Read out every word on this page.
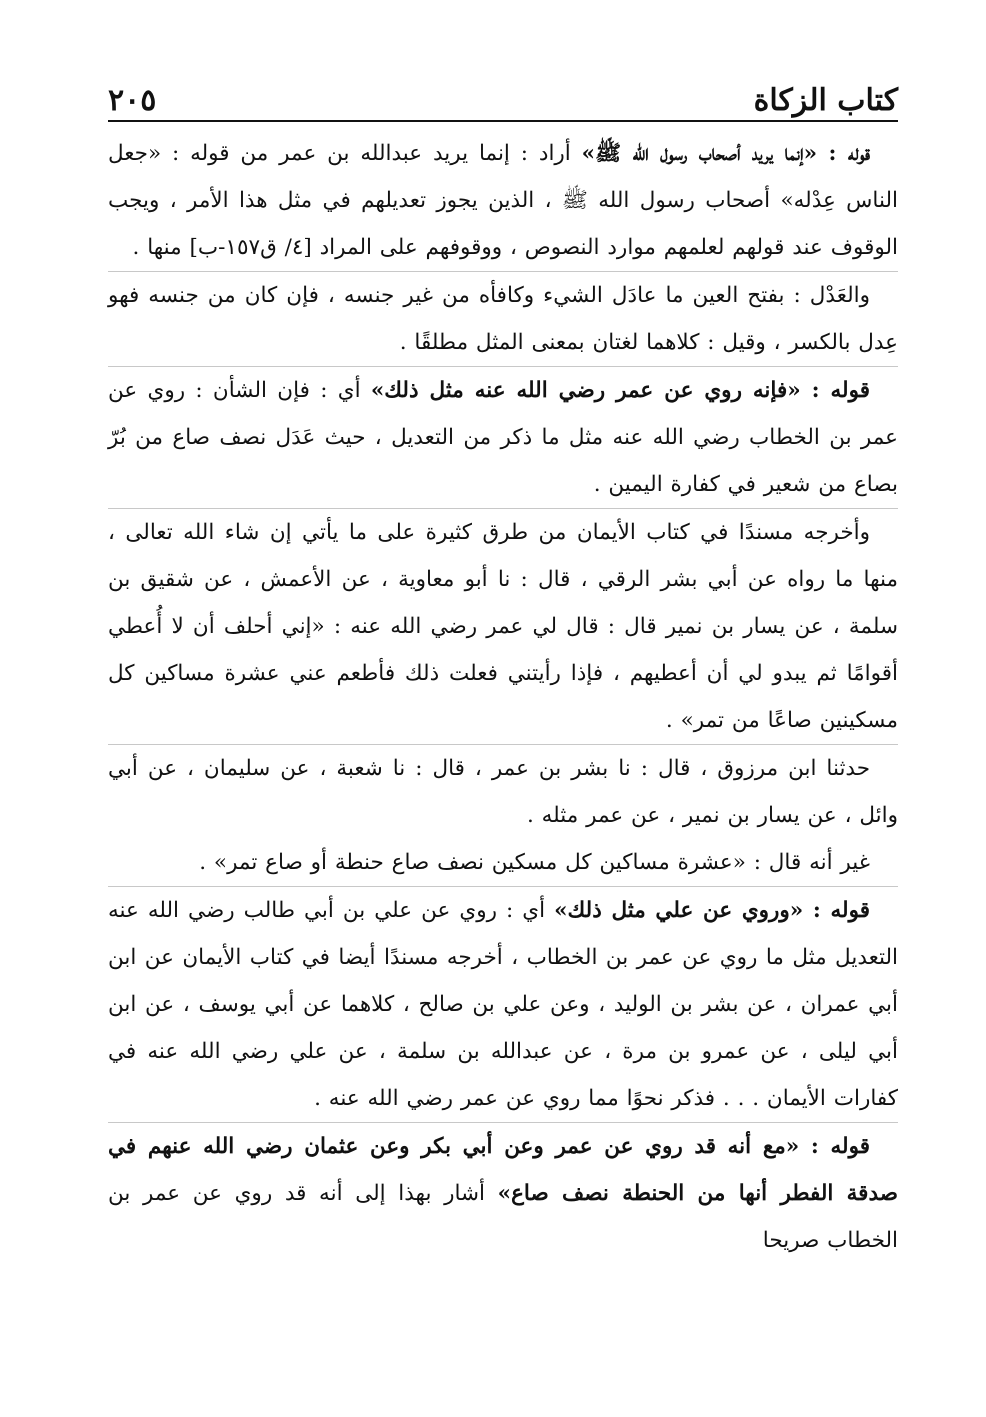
كتاب الزكاة
٢٠٥

قوله : «إنما يريد أصحاب رسول الله ﷺ» أراد : إنما يريد عبدالله بن عمر من قوله : «جعل الناس عِدْله» أصحاب رسول الله ﷺ ، الذين يجوز تعديلهم في مثل هذا الأمر ، ويجب الوقوف عند قولهم لعلمهم موارد النصوص ، ووقوفهم على المراد [٤/ ق١٥٧-ب] منها .

والعَدْل : بفتح العين ما عادَل الشيء وكافأه من غير جنسه ، فإن كان من جنسه فهو عِدل بالكسر ، وقيل : كلاهما لغتان بمعنى المثل مطلقًا .

قوله : «فإنه روي عن عمر رضي الله عنه مثل ذلك» أي : فإن الشأن : روي عن عمر بن الخطاب رضي الله عنه مثل ما ذكر من التعديل ، حيث عَدَل نصف صاع من بُرّ بصاع من شعير في كفارة اليمين .

وأخرجه مسندًا في كتاب الأيمان من طرق كثيرة على ما يأتي إن شاء الله تعالى ، منها ما رواه عن أبي بشر الرقي ، قال : نا أبو معاوية ، عن الأعمش ، عن شقيق بن سلمة ، عن يسار بن نمير قال : قال لي عمر رضي الله عنه : «إني أحلف أن لا أُعطي أقوامًا ثم يبدو لي أن أعطيهم ، فإذا رأيتني فعلت ذلك فأطعم عني عشرة مساكين كل مسكينين صاعًا من تمر» .

حدثنا ابن مرزوق ، قال : نا بشر بن عمر ، قال : نا شعبة ، عن سليمان ، عن أبي وائل ، عن يسار بن نمير ، عن عمر مثله .

غير أنه قال : «عشرة مساكين كل مسكين نصف صاع حنطة أو صاع تمر» .

قوله : «وروي عن علي مثل ذلك» أي : روي عن علي بن أبي طالب رضي الله عنه التعديل مثل ما روي عن عمر بن الخطاب ، أخرجه مسندًا أيضا في كتاب الأيمان عن ابن أبي عمران ، عن بشر بن الوليد ، وعن علي بن صالح ، كلاهما عن أبي يوسف ، عن ابن أبي ليلى ، عن عمرو بن مرة ، عن عبدالله بن سلمة ، عن علي رضي الله عنه في كفارات الأيمان . . . فذكر نحوًا مما روي عن عمر رضي الله عنه .

قوله : «مع أنه قد روي عن عمر وعن أبي بكر وعن عثمان رضي الله عنهم في صدقة الفطر أنها من الحنطة نصف صاع» أشار بهذا إلى أنه قد روي عن عمر بن الخطاب صريحا
